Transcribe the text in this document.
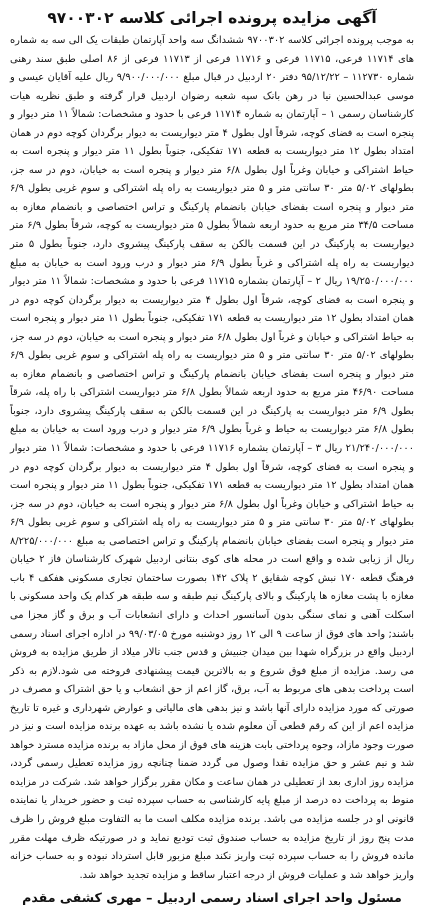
آگهی مزایده پرونده اجرائی کلاسه ۹۷۰۰۳۰۲

به موجب پرونده اجرائی کلاسه ۹۷۰۰۳۰۲ ششدانگ سه واحد آپارتمان طبقات یک الی سه به شماره های ۱۱۷۱۴ فرعی، ۱۱۷۱۵ فرعی و ۱۱۷۱۶ فرعی از ۱۱۷۱۳ فرعی از ۸۶ اصلی طبق سند رهنی شماره ۱۱۲۷۳۰ – ۹۵/۱۲/۲۲ دفتر ۲۰ اردبیل در قبال مبلغ ۹/۹۰۰/۰۰۰/۰۰۰ ریال علیه آقایان عیسی و موسی عبدالحسین نیا در رهن بانک سپه شعبه رضوان اردبیل قرار گرفته و طبق نظریه هیات کارشناسان رسمی ۱ – آپارتمان به شماره ۱۱۷۱۴ فرعی با حدود و مشخصات: شمالاً ۱۱ متر دیوار و پنجره است به فضای کوچه، شرقاً اول بطول ۴ متر دیواریست به دیوار برگردان کوچه دوم در همان امتداد بطول ۱۲ متر دیواریست به قطعه ۱۷۱ تفکیکی، جنوباً بطول ۱۱ متر دیوار و پنجره است به حیاط اشتراکی و خیابان وغرباً اول بطول ۶/۸ متر دیوار و پنجره است به خیابان، دوم در سه جز، بطولهای ۵/۰۲ متر ۳۰ سانتی متر و ۵ متر دیواریست به راه پله اشتراکی و سوم غربی بطول ۶/۹ متر دیوار و پنجره است بفضای خیابان بانضمام پارکینگ و تراس اختصاصی و بانضمام مغازه به مساحت ۳۴/۵ متر مربع به حدود اربعه شمالاً بطول ۵ متر دیواریست به کوچه، شرقاً بطول ۶/۹ متر دیواریست به پارکینگ در این قسمت بالکن به سقف پارکینگ پیشروی دارد، جنوباً بطول ۵ متر دیواریست به راه پله اشتراکی و غرباً بطول ۶/۹ متر دیوار و درب ورود است به خیابان به مبلغ ۱۹/۲۵۰/۰۰۰/۰۰۰ ریال ۲ – آپارتمان بشماره ۱۱۷۱۵ فرعی با حدود و مشخصات: شمالاً ۱۱ متر دیوار و پنجره است به فضای کوچه، شرقاً اول بطول ۴ متر دیواریست به دیوار برگردان کوچه دوم در همان امتداد بطول ۱۲ متر دیواریست به قطعه ۱۷۱ تفکیکی، جنوباً بطول ۱۱ متر دیوار و پنجره است به حیاط اشتراکی و خیابان و غرباً اول بطول ۶/۸ متر دیوار و پنجره است به خیابان، دوم در سه جز، بطولهای ۵/۰۲ متر ۳۰ سانتی متر و ۵ متر دیواریست به راه پله اشتراکی و سوم غربی بطول ۶/۹ متر دیوار و پنجره است بفضای خیابان بانضمام پارکینگ و تراس اختصاصی و بانضمام مغازه به مساحت ۴۶/۹۰ متر مربع به حدود اربعه شمالاً بطول ۶/۸ متر دیواریست اشتراکی با راه پله، شرقاً بطول ۶/۹ متر دیواریست به پارکینگ در این قسمت بالکن به سقف پارکینگ پیشروی دارد، جنوباً بطول ۶/۸ متر دیواریست به حیاط و غرباً بطول ۶/۹ متر دیوار و درب ورود است به خیابان به مبلغ ۲۱/۲۴۰/۰۰۰/۰۰۰ ریال ۳ – آپارتمان بشماره ۱۱۷۱۶ فرعی با حدود و مشخصات: شمالاً ۱۱ متر دیوار و پنجره است به فضای کوچه، شرقاً اول بطول ۴ متر دیواریست به دیوار برگردان کوچه دوم در همان امتداد بطول ۱۲ متر دیواریست به قطعه ۱۷۱ تفکیکی، جنوباً بطول ۱۱ متر دیوار و پنجره است به حیاط اشتراکی و خیابان وغرباً اول بطول ۶/۸ متر دیوار و پنجره است به خیابان، دوم در سه جز، بطولهای ۵/۰۲ متر ۳۰ سانتی متر و ۵ متر دیواریست به راه پله اشتراکی و سوم غربی بطول ۶/۹ متر دیوار و پنجره است بفضای خیابان بانضمام پارکینگ و تراس اختصاصی به مبلغ ۸/۲۲۵/۰۰۰/۰۰۰ ریال از زیابی شده و واقع است در محله های کوی بنتانی اردبیل شهرک کارشناسان فاز ۲ خیابان فرهنگ قطعه ۱۷۰ نبش کوچه شقایق ۲ پلاک ۱۴۲ بصورت ساختمان تجاری مسکونی هفکف ۴ باب مغازه با پشت مغازه ها پارکینگ و بالای پارکینگ نیم طبقه و سه طبقه هر کدام یک واحد مسکونی با اسکلت آهنی و نمای سنگی بدون آسانسور احداث و دارای انشعابات آب و برق و گاز مجزا می باشند; واحد های فوق از ساعت ۹ الی ۱۲ روز دوشنبه مورخ ۹۹/۰۳/۰۵ در اداره اجرای اسناد رسمی اردبیل واقع در بزرگراه شهدا بین میدان جنبیش و قدس جنب تالار میلاد از طریق مزایده به فروش می رسد. مزایده از مبلغ فوق شروع و به بالاترین قیمت پیشنهادی فروخته می شود.لازم به ذکر است پرداخت بدهی های مربوط به آب، برق، گاز اعم از حق انشعاب و یا حق اشتراک و مصرف در صورتی که مورد مزایده دارای آنها باشد و نیز بدهی های مالیاتی و عوارض شهرداری و غیره تا تاریخ مزایده اعم از این که رقم قطعی آن معلوم شده یا نشده باشد به عهده برنده مزایده است و نیز در صورت وجود مازاد، وجوه پرداختی بابت هزینه های فوق از محل مازاد به برنده مزایده مسترد خواهد شد و نیم عشر و حق مزایده نقدا وصول می گردد ضمنا چنانچه روز مزایده تعطیل رسمی گردد، مزایده روز اداری بعد از تعطیلی در همان ساعت و مکان مقرر برگزار خواهد شد. شرکت در مزایده منوط به پرداخت ده درصد از مبلغ پایه کارشناسی به حساب سپرده ثبت و حضور خریدار یا نماینده قانونی او در جلسه مزایده می باشد. برنده مزایده مکلف است ما به التفاوت مبلغ فروش را ظرف مدت پنج روز از تاریخ مزایده به حساب صندوق ثبت تودیع نماید و در صورتیکه ظرف مهلت مقرر مانده فروش را به حساب سپرده ثبت واریز نکند مبلغ مزبور قابل استرداد نبوده و به حساب خزانه واریز خواهد شد و عملیات فروش از درجه اعتبار ساقط و مزایده تجدید خواهد شد.

مسئول واحد اجرای اسناد رسمی اردبیل – مهری کشفی مقدم
